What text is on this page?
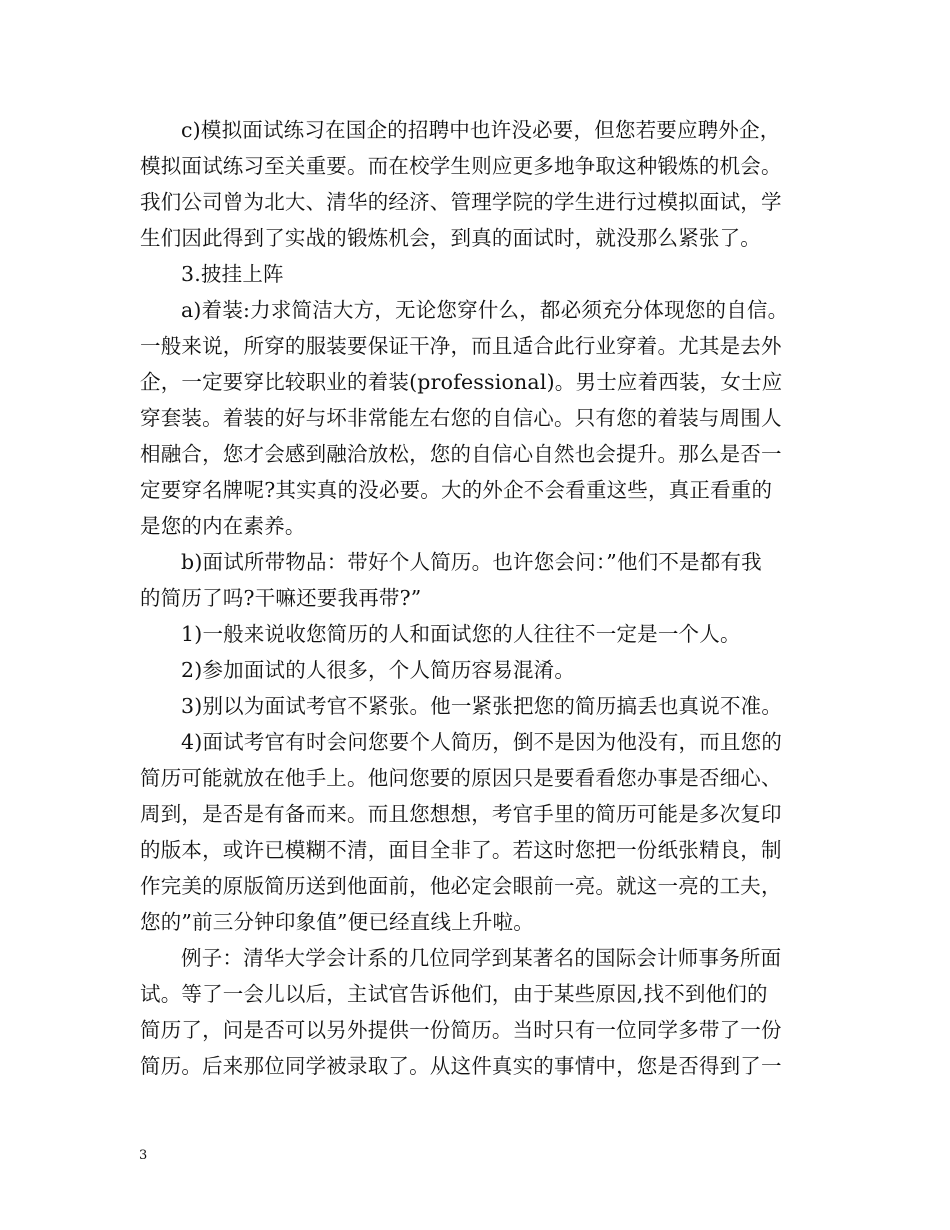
c)模拟面试练习在国企的招聘中也许没必要，但您若要应聘外企，
模拟面试练习至关重要。而在校学生则应更多地争取这种锻炼的机会。
我们公司曾为北大、清华的经济、管理学院的学生进行过模拟面试，学
生们因此得到了实战的锻炼机会，到真的面试时，就没那么紧张了。
3.披挂上阵
a)着装:力求简洁大方，无论您穿什么，都必须充分体现您的自信。
一般来说，所穿的服装要保证干净，而且适合此行业穿着。尤其是去外
企，一定要穿比较职业的着装(professional)。男士应着西装，女士应
穿套装。着装的好与坏非常能左右您的自信心。只有您的着装与周围人
相融合，您才会感到融洽放松，您的自信心自然也会提升。那么是否一
定要穿名牌呢?其实真的没必要。大的外企不会看重这些，真正看重的
是您的内在素养。
b)面试所带物品：带好个人简历。也许您会问：”他们不是都有我
的简历了吗?干嘛还要我再带?”
1)一般来说收您简历的人和面试您的人往往不一定是一个人。
2)参加面试的人很多，个人简历容易混淆。
3)别以为面试考官不紧张。他一紧张把您的简历搞丢也真说不准。
4)面试考官有时会问您要个人简历，倒不是因为他没有，而且您的
简历可能就放在他手上。他问您要的原因只是要看看您办事是否细心、
周到，是否是有备而来。而且您想想，考官手里的简历可能是多次复印
的版本，或许已模糊不清，面目全非了。若这时您把一份纸张精良，制
作完美的原版简历送到他面前，他必定会眼前一亮。就这一亮的工夫，
您的”前三分钟印象值”便已经直线上升啦。
例子：清华大学会计系的几位同学到某著名的国际会计师事务所面
试。等了一会儿以后，主试官告诉他们，由于某些原因,找不到他们的
简历了，问是否可以另外提供一份简历。当时只有一位同学多带了一份
简历。后来那位同学被录取了。从这件真实的事情中，您是否得到了一
3
